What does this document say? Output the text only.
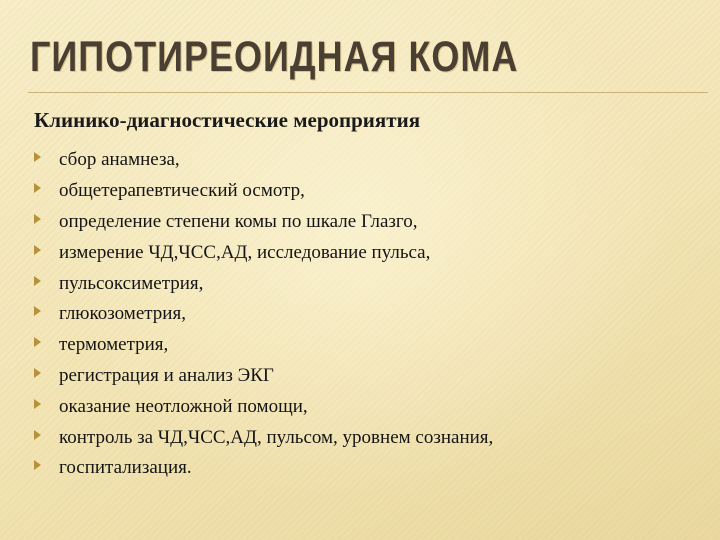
ГИПОТИРЕОИДНАЯ КОМА
Клинико-диагностические мероприятия
сбор анамнеза,
общетерапевтический осмотр,
определение степени комы по шкале Глазго,
измерение ЧД,ЧСС,АД, исследование пульса,
пульсоксиметрия,
глюкозометрия,
термометрия,
регистрация и анализ ЭКГ
оказание неотложной помощи,
контроль за ЧД,ЧСС,АД, пульсом, уровнем сознания,
госпитализация.
